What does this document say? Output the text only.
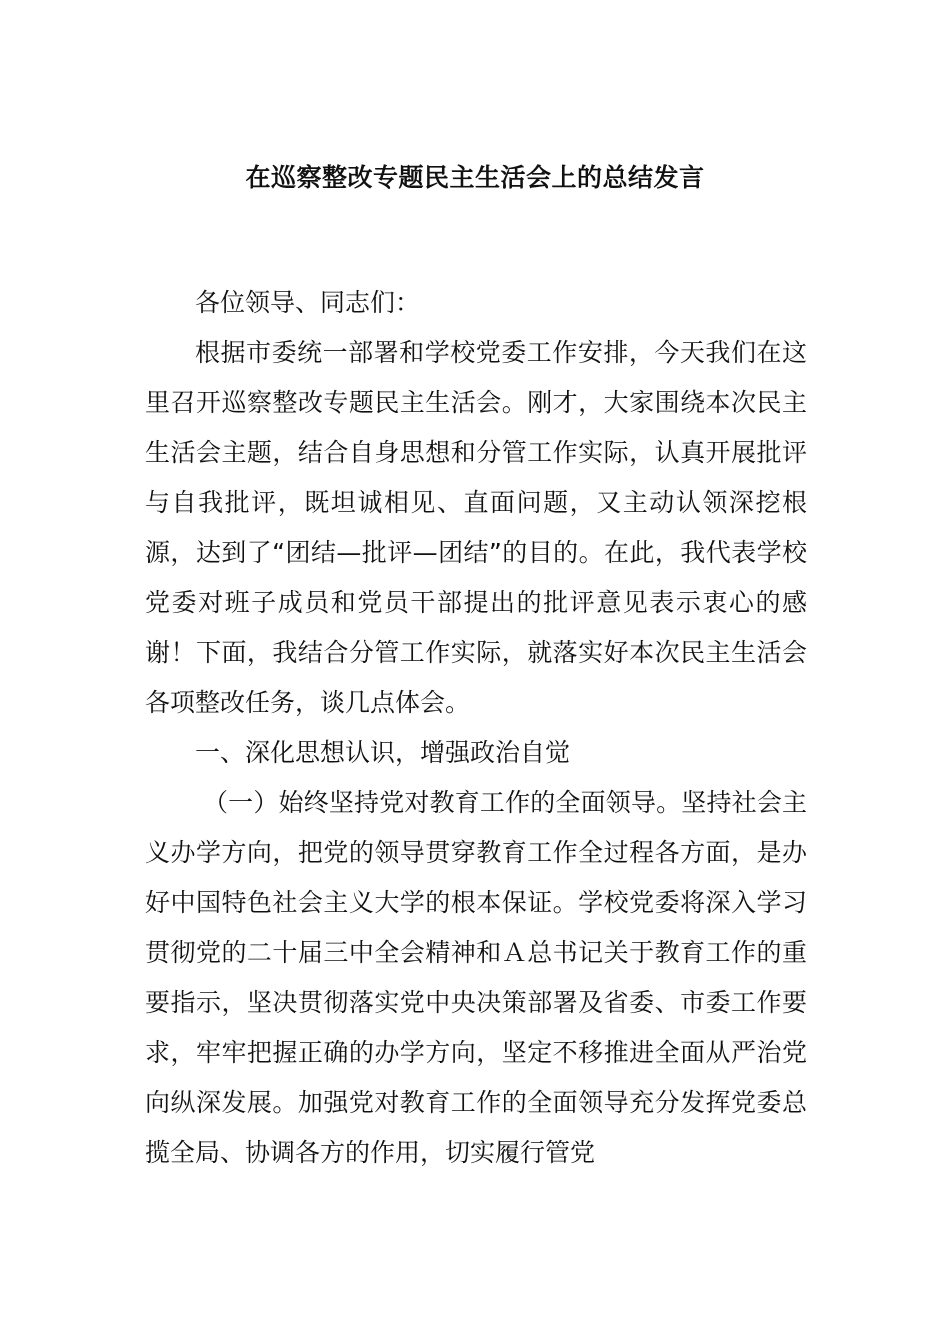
在巡察整改专题民主生活会上的总结发言

各位领导、同志们：

根据市委统一部署和学校党委工作安排，今天我们在这里召开巡察整改专题民主生活会。刚才，大家围绕本次民主生活会主题，结合自身思想和分管工作实际，认真开展批评与自我批评，既坦诚相见、直面问题，又主动认领深挖根源，达到了“团结—批评—团结”的目的。在此，我代表学校党委对班子成员和党员干部提出的批评意见表示衷心的感谢！下面，我结合分管工作实际，就落实好本次民主生活会各项整改任务，谈几点体会。

一、深化思想认识，增强政治自觉

（一）始终坚持党对教育工作的全面领导。坚持社会主义办学方向，把党的领导贯穿教育工作全过程各方面，是办好中国特色社会主义大学的根本保证。学校党委将深入学习贯彻党的二十届三中全会精神和Ａ总书记关于教育工作的重要指示，坚决贯彻落实党中央决策部署及省委、市委工作要求，牢牢把握正确的办学方向，坚定不移推进全面从严治党向纵深发展。加强党对教育工作的全面领导充分发挥党委总揽全局、协调各方的作用，切实履行管党
